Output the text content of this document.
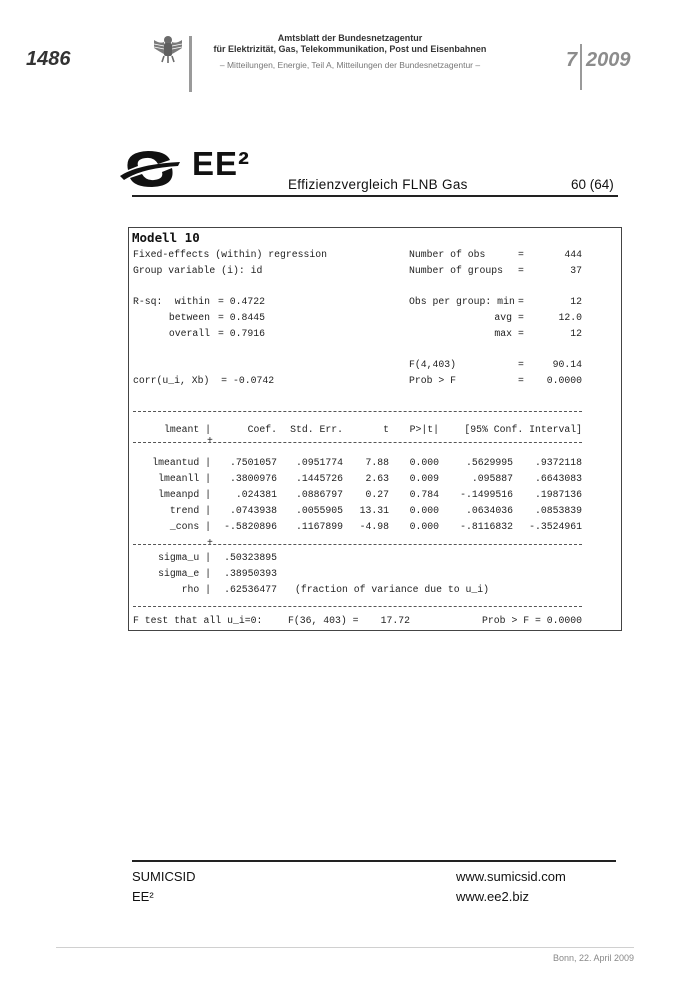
1486
Amtsblatt der Bundesnetzagentur
für Elektrizität, Gas, Telekommunikation, Post und Eisenbahnen
– Mitteilungen, Energie, Teil A, Mitteilungen der Bundesnetzagentur –	7 2009
EE²
Effizienzvergleich FLNB Gas	60 (64)
Modell 10
Fixed-effects (within) regression
Group variable (i): id
R-sq:	within = 0.4722
between = 0.8445
overall = 0.7916
corr(u_i, Xb)  = -0.0742
Number of obs	=	444
Number of groups =	37
Obs per group: min =	12
avg =	12.0
max =	12
F(4,403)	=	90.14
Prob > F	=	0.0000
lmeant |	Coef.	Std. Err.	t	P>|t|	[95% Conf. Interval]
+
lmeantud |	.7501057	.0951774	7.88	0.000	.5629995	.9372118
lmeanll |	.3800976	.1445726	2.63	0.009	.095887	.6643083
lmeanpd |	.024381	.0886797	0.27	0.784	-.1499516	.1987136
trend |	.0743938	.0055905	13.31	0.000	.0634036	.0853839
_cons |	-.5820896	.1167899	-4.98	0.000	-.8116832	-.3524961
+
sigma_u |	.50323895
sigma_e |	.38950393
rho |	.62536477 (fraction of variance due to u_i)
F test that all u_i=0:	F(36, 403) =	17.72	Prob > F = 0.0000
SUMICSID
EE²
www.sumicsid.com
www.ee2.biz
Bonn, 22. April 2009
